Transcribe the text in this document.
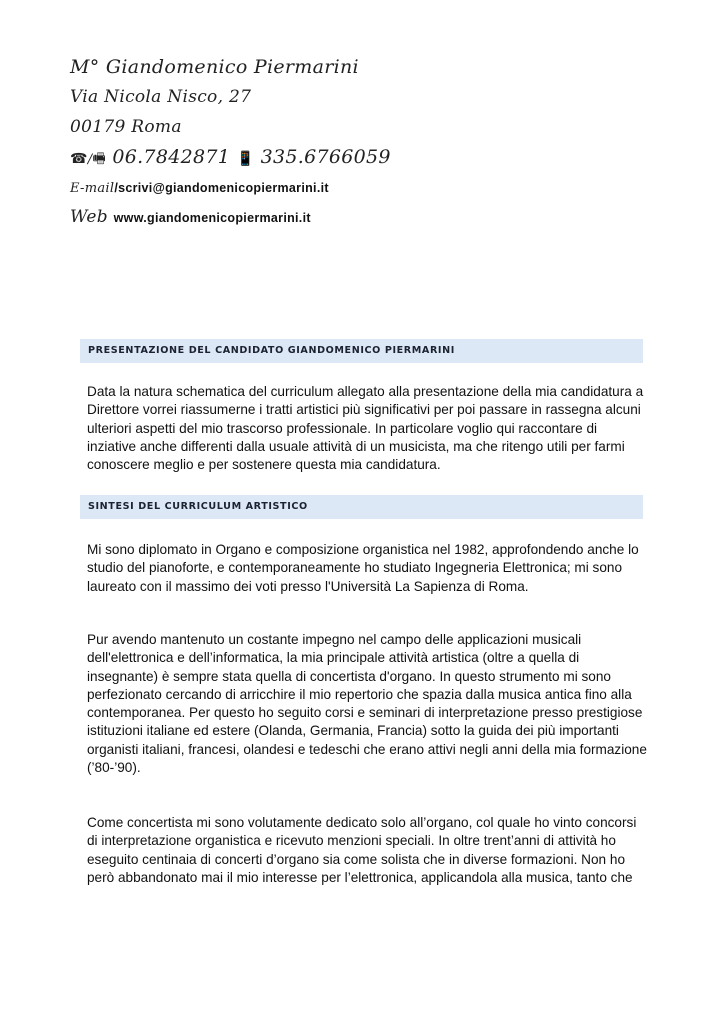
M° Giandomenico Piermarini
Via Nicola Nisco, 27
00179 Roma
☎/🖷 06.7842871 📱 335.6766059
E-mail/scrivi@giandomenicopiermarini.it
Web www.giandomenicopiermarini.it
PRESENTAZIONE DEL CANDIDATO GIANDOMENICO PIERMARINI
Data la natura schematica del curriculum allegato alla presentazione della mia candidatura a Direttore vorrei riassumerne i tratti artistici più significativi per poi passare in rassegna alcuni ulteriori aspetti del mio trascorso professionale. In particolare voglio qui raccontare di inziative anche differenti dalla usuale attività di un musicista, ma che ritengo utili per farmi conoscere meglio e per sostenere questa mia candidatura.
SINTESI DEL CURRICULUM ARTISTICO
Mi sono diplomato in Organo e composizione organistica nel 1982, approfondendo anche lo studio del pianoforte, e contemporaneamente ho studiato Ingegneria Elettronica; mi sono laureato con il massimo dei voti presso l'Università La Sapienza di Roma.
Pur avendo mantenuto un costante impegno nel campo delle applicazioni musicali dell'elettronica e dell’informatica, la mia principale attività artistica (oltre a quella di insegnante) è sempre stata quella di concertista d'organo. In questo strumento mi sono perfezionato cercando di arricchire il mio repertorio che spazia dalla musica antica fino alla contemporanea. Per questo ho seguito corsi e seminari di interpretazione presso prestigiose istituzioni italiane ed estere (Olanda, Germania, Francia) sotto la guida dei più importanti organisti italiani, francesi, olandesi e tedeschi che erano attivi negli anni della mia formazione (’80-’90).
Come concertista mi sono volutamente dedicato solo all’organo, col quale ho vinto concorsi di interpretazione organistica e ricevuto menzioni speciali. In oltre trent’anni di attività ho eseguito centinaia di concerti d’organo sia come solista che in diverse formazioni. Non ho però abbandonato mai il mio interesse per l’elettronica, applicandola alla musica, tanto che
